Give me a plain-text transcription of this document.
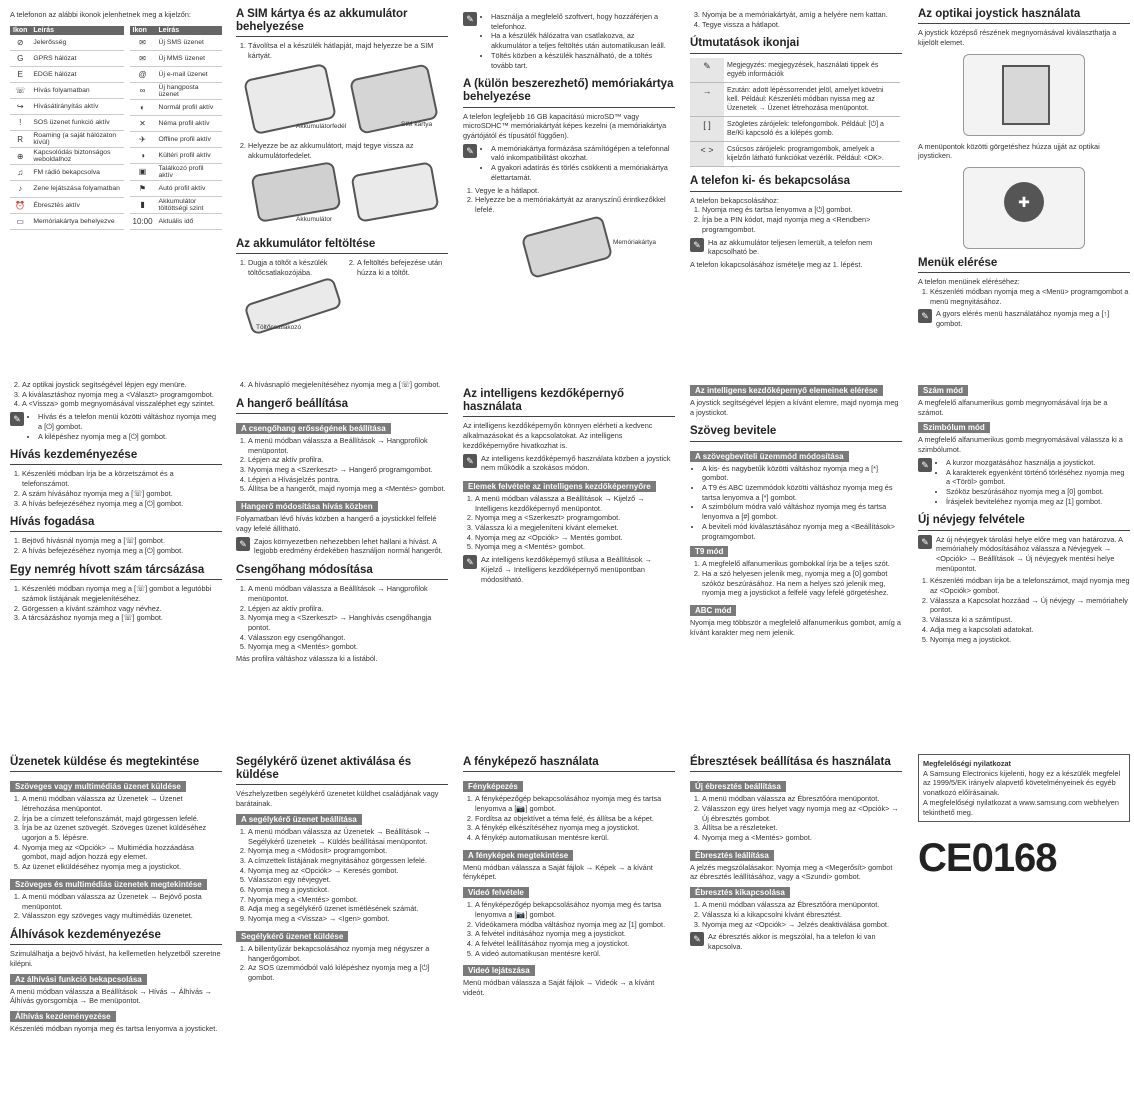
A telefonon az alábbi ikonok jelenhetnek meg a kijelzőn:

Ikon	Leírás
⊘	Jelerősség
G	GPRS hálózat
E	EDGE hálózat
☏	Hívás folyamatban
↪	Hívásátirányítás aktív
!	SOS üzenet funkció aktív
R	Roaming (a saját hálózaton kívül)
⊕	Kapcsolódás biztonságos weboldalhoz
♫	FM rádió bekapcsolva
♪	Zene lejátszása folyamatban
⏰	Ébresztés aktív
▭	Memóriakártya behelyezve
Ikon	Leírás
✉	Új SMS üzenet
✉	Új MMS üzenet
@	Új e-mail üzenet
∞	Új hangposta üzenet
◐	Normál profil aktív
✕	Néma profil aktív
✈	Offline profil aktív
◑	Kültéri profil aktív
▣	Találkozó profil aktív
⚑	Autó profil aktív
▮	Akkumulátor töltöttségi szint
10:00	Aktuális idő
A SIM kártya és az akkumulátor behelyezése
1. Távolítsa el a készülék hátlapját, majd helyezze be a SIM kártyát.
Akkumulátorfedél	SIM kártya
2. Helyezze be az akkumulátort, majd tegye vissza az akkumulátorfedelet.
Akkumulátor
Az akkumulátor feltöltése
1. Dugja a töltőt a készülék töltőcsatlakozójába.
2. A feltöltés befejezése után húzza ki a töltőt.
Töltőcsatlakozó
✎	• Használja a megfelelő szoftvert, hogy hozzáférjen a telefonhoz.
• Ha a készülék hálózatra van csatlakozva, az akkumulátor a teljes feltöltés után automatikusan leáll.
• Töltés közben a készülék használható, de a töltés tovább tart.
A (külön beszerezhető) memóriakártya behelyezése

A telefon legfeljebb 16 GB kapacitású microSD™ vagy microSDHC™ memóriakártyát képes kezelni (a memóriakártya gyártójától és típusától függően).

✎	• A memóriakártya formázása számítógépen a telefonnal való inkompatibilitást okozhat.
• A gyakori adatírás és törlés csökkenti a memóriakártya élettartamát.
1. Vegye le a hátlapot.
2. Helyezze be a memóriakártyát az aranyszínű érintkezőkkel lefelé.
Memóriakártya
3. Nyomja be a memóriakártyát, amíg a helyére nem kattan.
4. Tegye vissza a hátlapot.
Útmutatások ikonjai
✎	Megjegyzés: megjegyzések, használati tippek és egyéb információk
→	Ezután: adott lépéssorrendet jelöl, amelyet követni kell. Például: Készenléti módban nyissa meg az Üzenetek → Üzenet létrehozása menüpontot.
[ ]	Szögletes zárójelek: telefongombok. Például: [⏻] a Be/Ki kapcsoló és a kilépés gomb.
< >	Csúcsos zárójelek: programgombok, amelyek a kijelzőn látható funkciókat vezérlik. Például: <OK>.
A telefon ki- és bekapcsolása

A telefon bekapcsolásához:

1. Nyomja meg és tartsa lenyomva a [⏻] gombot.
2. Írja be a PIN kódot, majd nyomja meg a <Rendben> programgombot.
✎ Ha az akkumulátor teljesen lemerült, a telefon nem kapcsolható be.

A telefon kikapcsolásához ismételje meg az 1. lépést.

Az optikai joystick használata

A joystick középső részének megnyomásával kiválaszthatja a kijelölt elemet.

A menüpontok közötti görgetéshez húzza ujját az optikai joysticken.

✚
Menük elérése

A telefon menüinek eléréséhez:

1. Készenléti módban nyomja meg a <Menü> programgombot a menü megnyitásához.
✎ A gyors elérés menü használatához nyomja meg a [↑] gombot.

2. Az optikai joystick segítségével lépjen egy menüre.
3. A kiválasztáshoz nyomja meg a <Választ> programgombot.
4. A <Vissza> gomb megnyomásával visszaléphet egy szintet.
✎	• Hívás és a telefon menüi közötti váltáshoz nyomja meg a [⏻] gombot.
• A kilépéshez nyomja meg a [⏻] gombot.
Hívás kezdeményezése
1. Készenléti módban írja be a körzetszámot és a telefonszámot.
2. A szám hívásához nyomja meg a [☏] gombot.
3. A hívás befejezéséhez nyomja meg a [⏻] gombot.
Hívás fogadása
1. Bejövő hívásnál nyomja meg a [☏] gombot.
2. A hívás befejezéséhez nyomja meg a [⏻] gombot.
Egy nemrég hívott szám tárcsázása
1. Készenléti módban nyomja meg a [☏] gombot a legutóbbi számok listájának megjelenítéséhez.
2. Görgessen a kívánt számhoz vagy névhez.
3. A tárcsázáshoz nyomja meg a [☏] gombot.
4. A hívásnapló megjelenítéséhez nyomja meg a [☏] gombot.
A hangerő beállítása
A csengőhang erősségének beállítása
1. A menü módban válassza a Beállítások → Hangprofilok menüpontot.
2. Lépjen az aktív profilra.
3. Nyomja meg a <Szerkeszt> → Hangerő programgombot.
4. Lépjen a Hívásjelzés pontra.
5. Állítsa be a hangerőt, majd nyomja meg a <Mentés> gombot.
Hangerő módosítása hívás közben

Folyamatban lévő hívás közben a hangerő a joystickkel felfelé vagy lefelé állítható.

✎ Zajos környezetben nehezebben lehet hallani a hívást. A legjobb eredmény érdekében használjon normál hangerőt.

Csengőhang módosítása
1. A menü módban válassza a Beállítások → Hangprofilok menüpontot.
2. Lépjen az aktív profilra.
3. Nyomja meg a <Szerkeszt> → Hanghívás csengőhangja pontot.
4. Válasszon egy csengőhangot.
5. Nyomja meg a <Mentés> gombot.

Más profilra váltáshoz válassza ki a listából.

Az intelligens kezdőképernyő használata

Az intelligens kezdőképernyőn könnyen elérheti a kedvenc alkalmazásokat és a kapcsolatokat. Az intelligens kezdőképernyőre hivatkozhat is.

✎ Az intelligens kezdőképernyő használata közben a joystick nem működik a szokásos módon.

Elemek felvétele az intelligens kezdőképernyőre
1. A menü módban válassza a Beállítások → Kijelző → Intelligens kezdőképernyő menüpontot.
2. Nyomja meg a <Szerkeszt> programgombot.
3. Válassza ki a megjeleníteni kívánt elemeket.
4. Nyomja meg az <Opciók> → Mentés gombot.
5. Nyomja meg a <Mentés> gombot.
✎ Az intelligens kezdőképernyő stílusa a Beállítások → Kijelző → Intelligens kezdőképernyő menüpontban módosítható.

Az intelligens kezdőképernyő elemeinek elérése

A joystick segítségével lépjen a kívánt elemre, majd nyomja meg a joystickot.

Szöveg bevitele
A szövegbeviteli üzemmód módosítása
• A kis- és nagybetűk közötti váltáshoz nyomja meg a [*] gombot.
• A T9 és ABC üzemmódok közötti váltáshoz nyomja meg és tartsa lenyomva a [*] gombot.
• A szimbólum módra való váltáshoz nyomja meg és tartsa lenyomva a [#] gombot.
• A beviteli mód kiválasztásához nyomja meg a <Beállítások> programgombot.
T9 mód
1. A megfelelő alfanumerikus gombokkal írja be a teljes szót.
2. Ha a szó helyesen jelenik meg, nyomja meg a [0] gombot szóköz beszúrásához. Ha nem a helyes szó jelenik meg, nyomja meg a joystickot a felfelé vagy lefelé görgetéshez.
ABC mód

Nyomja meg többször a megfelelő alfanumerikus gombot, amíg a kívánt karakter meg nem jelenik.

Szám mód

A megfelelő alfanumerikus gomb megnyomásával írja be a számot.

Szimbólum mód

A megfelelő alfanumerikus gomb megnyomásával válassza ki a szimbólumot.

✎	• A kurzor mozgatásához használja a joystickot.
• A karakterek egyenként történő törléséhez nyomja meg a <Töröl> gombot.
• Szóköz beszúrásához nyomja meg a [0] gombot.
• Írásjelek beviteléhez nyomja meg az [1] gombot.
Új névjegy felvétele
✎ Az új névjegyek tárolási helye előre meg van határozva. A memóriahely módosításához válassza a Névjegyek → <Opciók> → Beállítások → Új névjegyek mentési helye menüpontot.

1. Készenléti módban írja be a telefonszámot, majd nyomja meg az <Opciók> gombot.
2. Válassza a Kapcsolat hozzáad → Új névjegy → memóriahely pontot.
3. Válassza ki a számtípust.
4. Adja meg a kapcsolati adatokat.
5. Nyomja meg a joystickot.
Üzenetek küldése és megtekintése
Szöveges vagy multimédiás üzenet küldése
1. A menü módban válassza az Üzenetek → Üzenet létrehozása menüpontot.
2. Írja be a címzett telefonszámát, majd görgessen lefelé.
3. Írja be az üzenet szövegét. Szöveges üzenet küldéséhez ugorjon a 5. lépésre.
4. Nyomja meg az <Opciók> → Multimédia hozzáadása gombot, majd adjon hozzá egy elemet.
5. Az üzenet elküldéséhez nyomja meg a joystickot.
Szöveges és multimédiás üzenetek megtekintése
1. A menü módban válassza az Üzenetek → Bejövő posta menüpontot.
2. Válasszon egy szöveges vagy multimédiás üzenetet.
Álhívások kezdeményezése

Szimulálhatja a bejövő hívást, ha kellemetlen helyzetből szeretne kilépni.

Az álhívási funkció bekapcsolása

A menü módban válassza a Beállítások → Hívás → Álhívás → Álhívás gyorsgombja → Be menüpontot.

Álhívás kezdeményezése

Készenléti módban nyomja meg és tartsa lenyomva a joysticket.

Segélykérő üzenet aktiválása és küldése

Vészhelyzetben segélykérő üzenetet küldhet családjának vagy barátainak.

A segélykérő üzenet beállítása
1. A menü módban válassza az Üzenetek → Beállítások → Segélykérő üzenetek → Küldés beállításai menüpontot.
2. Nyomja meg a <Módosít> programgombot.
3. A címzettek listájának megnyitásához görgessen lefelé.
4. Nyomja meg az <Opciók> → Keresés gombot.
5. Válasszon egy névjegyet.
6. Nyomja meg a joystickot.
7. Nyomja meg a <Mentés> gombot.
8. Adja meg a segélykérő üzenet ismétlésének számát.
9. Nyomja meg a <Vissza> → <Igen> gombot.
Segélykérő üzenet küldése
1. A billentyűzár bekapcsolásához nyomja meg négyszer a hangerőgombot.
2. Az SOS üzemmódból való kilépéshez nyomja meg a [⏻] gombot.
A fényképező használata
Fényképezés
1. A fényképezőgép bekapcsolásához nyomja meg és tartsa lenyomva a [📷] gombot.
2. Fordítsa az objektívet a téma felé, és állítsa be a képet.
3. A fénykép elkészítéséhez nyomja meg a joystickot.
4. A fénykép automatikusan mentésre kerül.
A fényképek megtekintése

Menü módban válassza a Saját fájlok → Képek → a kívánt fényképet.

Videó felvétele
1. A fényképezőgép bekapcsolásához nyomja meg és tartsa lenyomva a [📷] gombot.
2. Videókamera módba váltáshoz nyomja meg az [1] gombot.
3. A felvétel indításához nyomja meg a joystickot.
4. A felvétel leállításához nyomja meg a joystickot.
5. A videó automatikusan mentésre kerül.
Videó lejátszása

Menü módban válassza a Saját fájlok → Videók → a kívánt videót.

Ébresztések beállítása és használata
Új ébresztés beállítása
1. A menü módban válassza az Ébresztőóra menüpontot.
2. Válasszon egy üres helyet vagy nyomja meg az <Opciók> → Új ébresztés gombot.
3. Állítsa be a részleteket.
4. Nyomja meg a <Mentés> gombot.
Ébresztés leállítása

A jelzés megszólalásakor: Nyomja meg a <Megerősít> gombot az ébresztés leállításához, vagy a <Szundi> gombot.

Ébresztés kikapcsolása
1. A menü módban válassza az Ébresztőóra menüpontot.
2. Válassza ki a kikapcsolni kívánt ébresztést.
3. Nyomja meg az <Opciók> → Jelzés deaktiválása gombot.
✎ Az ébresztés akkor is megszólal, ha a telefon ki van kapcsolva.

Megfelelőségi nyilatkozat

A Samsung Electronics kijelenti, hogy ez a készülék megfelel az 1999/5/EK irányelv alapvető követelményeinek és egyéb vonatkozó előírásainak.

A megfelelőségi nyilatkozat a www.samsung.com webhelyen tekinthető meg.

CE0168
